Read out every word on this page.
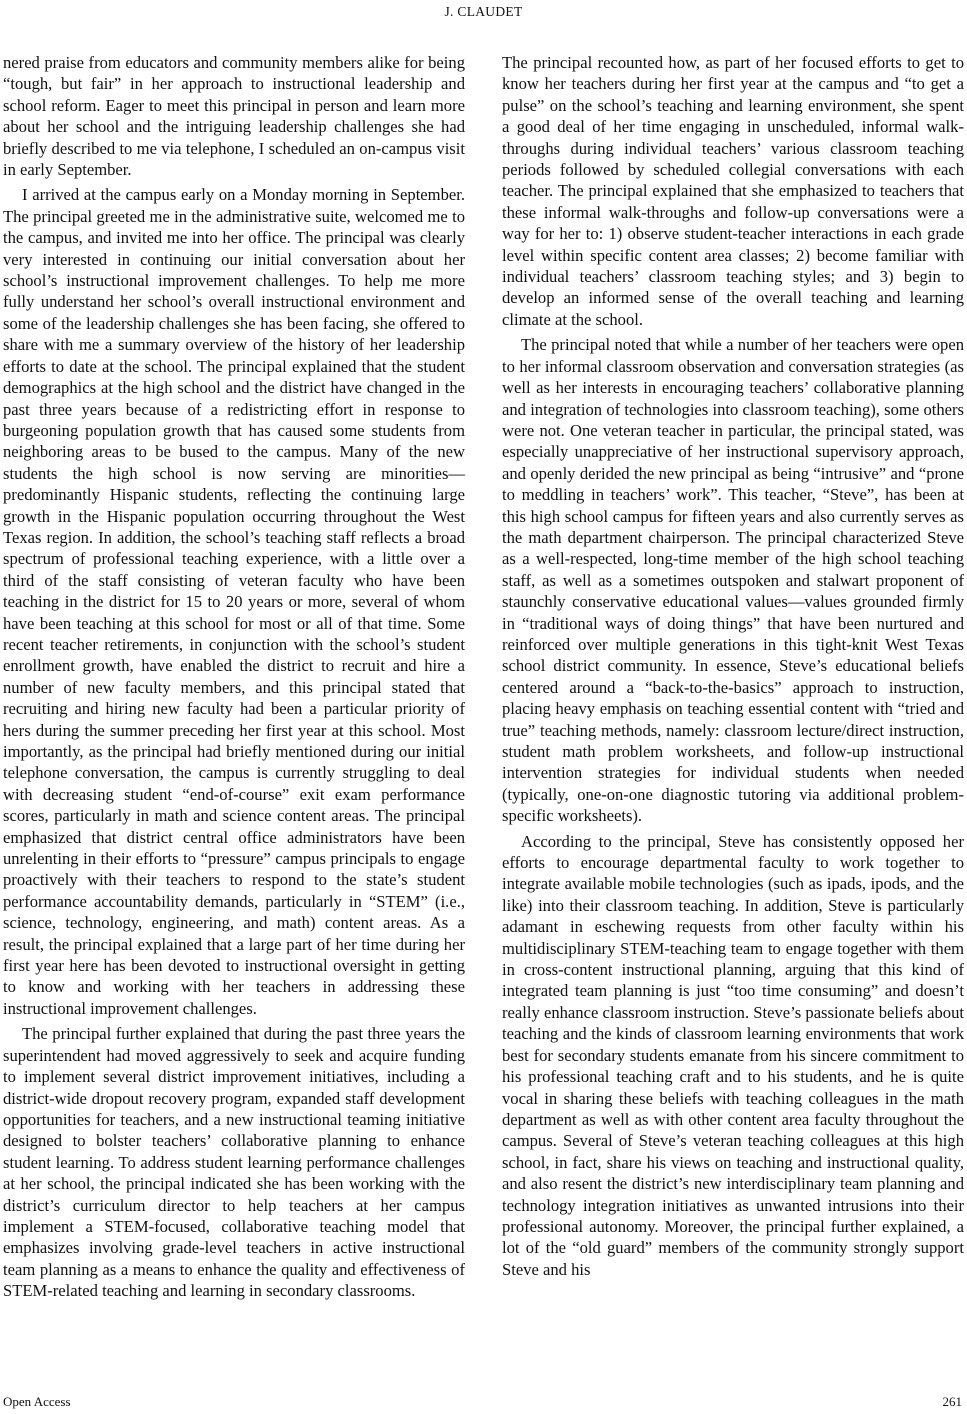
J. CLAUDET

nered praise from educators and community members alike for being “tough, but fair” in her approach to instructional leadership and school reform. Eager to meet this principal in person and learn more about her school and the intriguing leadership challenges she had briefly described to me via telephone, I scheduled an on-campus visit in early September.

I arrived at the campus early on a Monday morning in September. The principal greeted me in the administrative suite, welcomed me to the campus, and invited me into her office. The principal was clearly very interested in continuing our initial conversation about her school’s instructional improvement challenges. To help me more fully understand her school’s overall instructional environment and some of the leadership challenges she has been facing, she offered to share with me a summary overview of the history of her leadership efforts to date at the school. The principal explained that the student demographics at the high school and the district have changed in the past three years because of a redistricting effort in response to burgeoning population growth that has caused some students from neighboring areas to be bused to the campus. Many of the new students the high school is now serving are minorities—predominantly Hispanic students, reflecting the continuing large growth in the Hispanic population occurring throughout the West Texas region. In addition, the school’s teaching staff reflects a broad spectrum of professional teaching experience, with a little over a third of the staff consisting of veteran faculty who have been teaching in the district for 15 to 20 years or more, several of whom have been teaching at this school for most or all of that time. Some recent teacher retirements, in conjunction with the school’s student enrollment growth, have enabled the district to recruit and hire a number of new faculty members, and this principal stated that recruiting and hiring new faculty had been a particular priority of hers during the summer preceding her first year at this school. Most importantly, as the principal had briefly mentioned during our initial telephone conversation, the campus is currently struggling to deal with decreasing student “end-of-course” exit exam performance scores, particularly in math and science content areas. The principal emphasized that district central office administrators have been unrelenting in their efforts to “pressure” campus principals to engage proactively with their teachers to respond to the state’s student performance accountability demands, particularly in “STEM” (i.e., science, technology, engineering, and math) content areas. As a result, the principal explained that a large part of her time during her first year here has been devoted to instructional oversight in getting to know and working with her teachers in addressing these instructional improvement challenges.

The principal further explained that during the past three years the superintendent had moved aggressively to seek and acquire funding to implement several district improvement initiatives, including a district-wide dropout recovery program, expanded staff development opportunities for teachers, and a new instructional teaming initiative designed to bolster teachers’ collaborative planning to enhance student learning. To address student learning performance challenges at her school, the principal indicated she has been working with the district’s curriculum director to help teachers at her campus implement a STEM-focused, collaborative teaching model that emphasizes involving grade-level teachers in active instructional team planning as a means to enhance the quality and effectiveness of STEM-related teaching and learning in secondary classrooms.

The principal recounted how, as part of her focused efforts to get to know her teachers during her first year at the campus and “to get a pulse” on the school’s teaching and learning environment, she spent a good deal of her time engaging in unscheduled, informal walk-throughs during individual teachers’ various classroom teaching periods followed by scheduled collegial conversations with each teacher. The principal explained that she emphasized to teachers that these informal walk-throughs and follow-up conversations were a way for her to: 1) observe student-teacher interactions in each grade level within specific content area classes; 2) become familiar with individual teachers’ classroom teaching styles; and 3) begin to develop an informed sense of the overall teaching and learning climate at the school.

The principal noted that while a number of her teachers were open to her informal classroom observation and conversation strategies (as well as her interests in encouraging teachers’ collaborative planning and integration of technologies into classroom teaching), some others were not. One veteran teacher in particular, the principal stated, was especially unappreciative of her instructional supervisory approach, and openly derided the new principal as being “intrusive” and “prone to meddling in teachers’ work”. This teacher, “Steve”, has been at this high school campus for fifteen years and also currently serves as the math department chairperson. The principal characterized Steve as a well-respected, long-time member of the high school teaching staff, as well as a sometimes outspoken and stalwart proponent of staunchly conservative educational values—values grounded firmly in “traditional ways of doing things” that have been nurtured and reinforced over multiple generations in this tight-knit West Texas school district community. In essence, Steve’s educational beliefs centered around a “back-to-the-basics” approach to instruction, placing heavy emphasis on teaching essential content with “tried and true” teaching methods, namely: classroom lecture/direct instruction, student math problem worksheets, and follow-up instructional intervention strategies for individual students when needed (typically, one-on-one diagnostic tutoring via additional problem-specific worksheets).

According to the principal, Steve has consistently opposed her efforts to encourage departmental faculty to work together to integrate available mobile technologies (such as ipads, ipods, and the like) into their classroom teaching. In addition, Steve is particularly adamant in eschewing requests from other faculty within his multidisciplinary STEM-teaching team to engage together with them in cross-content instructional planning, arguing that this kind of integrated team planning is just “too time consuming” and doesn’t really enhance classroom instruction. Steve’s passionate beliefs about teaching and the kinds of classroom learning environments that work best for secondary students emanate from his sincere commitment to his professional teaching craft and to his students, and he is quite vocal in sharing these beliefs with teaching colleagues in the math department as well as with other content area faculty throughout the campus. Several of Steve’s veteran teaching colleagues at this high school, in fact, share his views on teaching and instructional quality, and also resent the district’s new interdisciplinary team planning and technology integration initiatives as unwanted intrusions into their professional autonomy. Moreover, the principal further explained, a lot of the “old guard” members of the community strongly support Steve and his

Open Access	261
